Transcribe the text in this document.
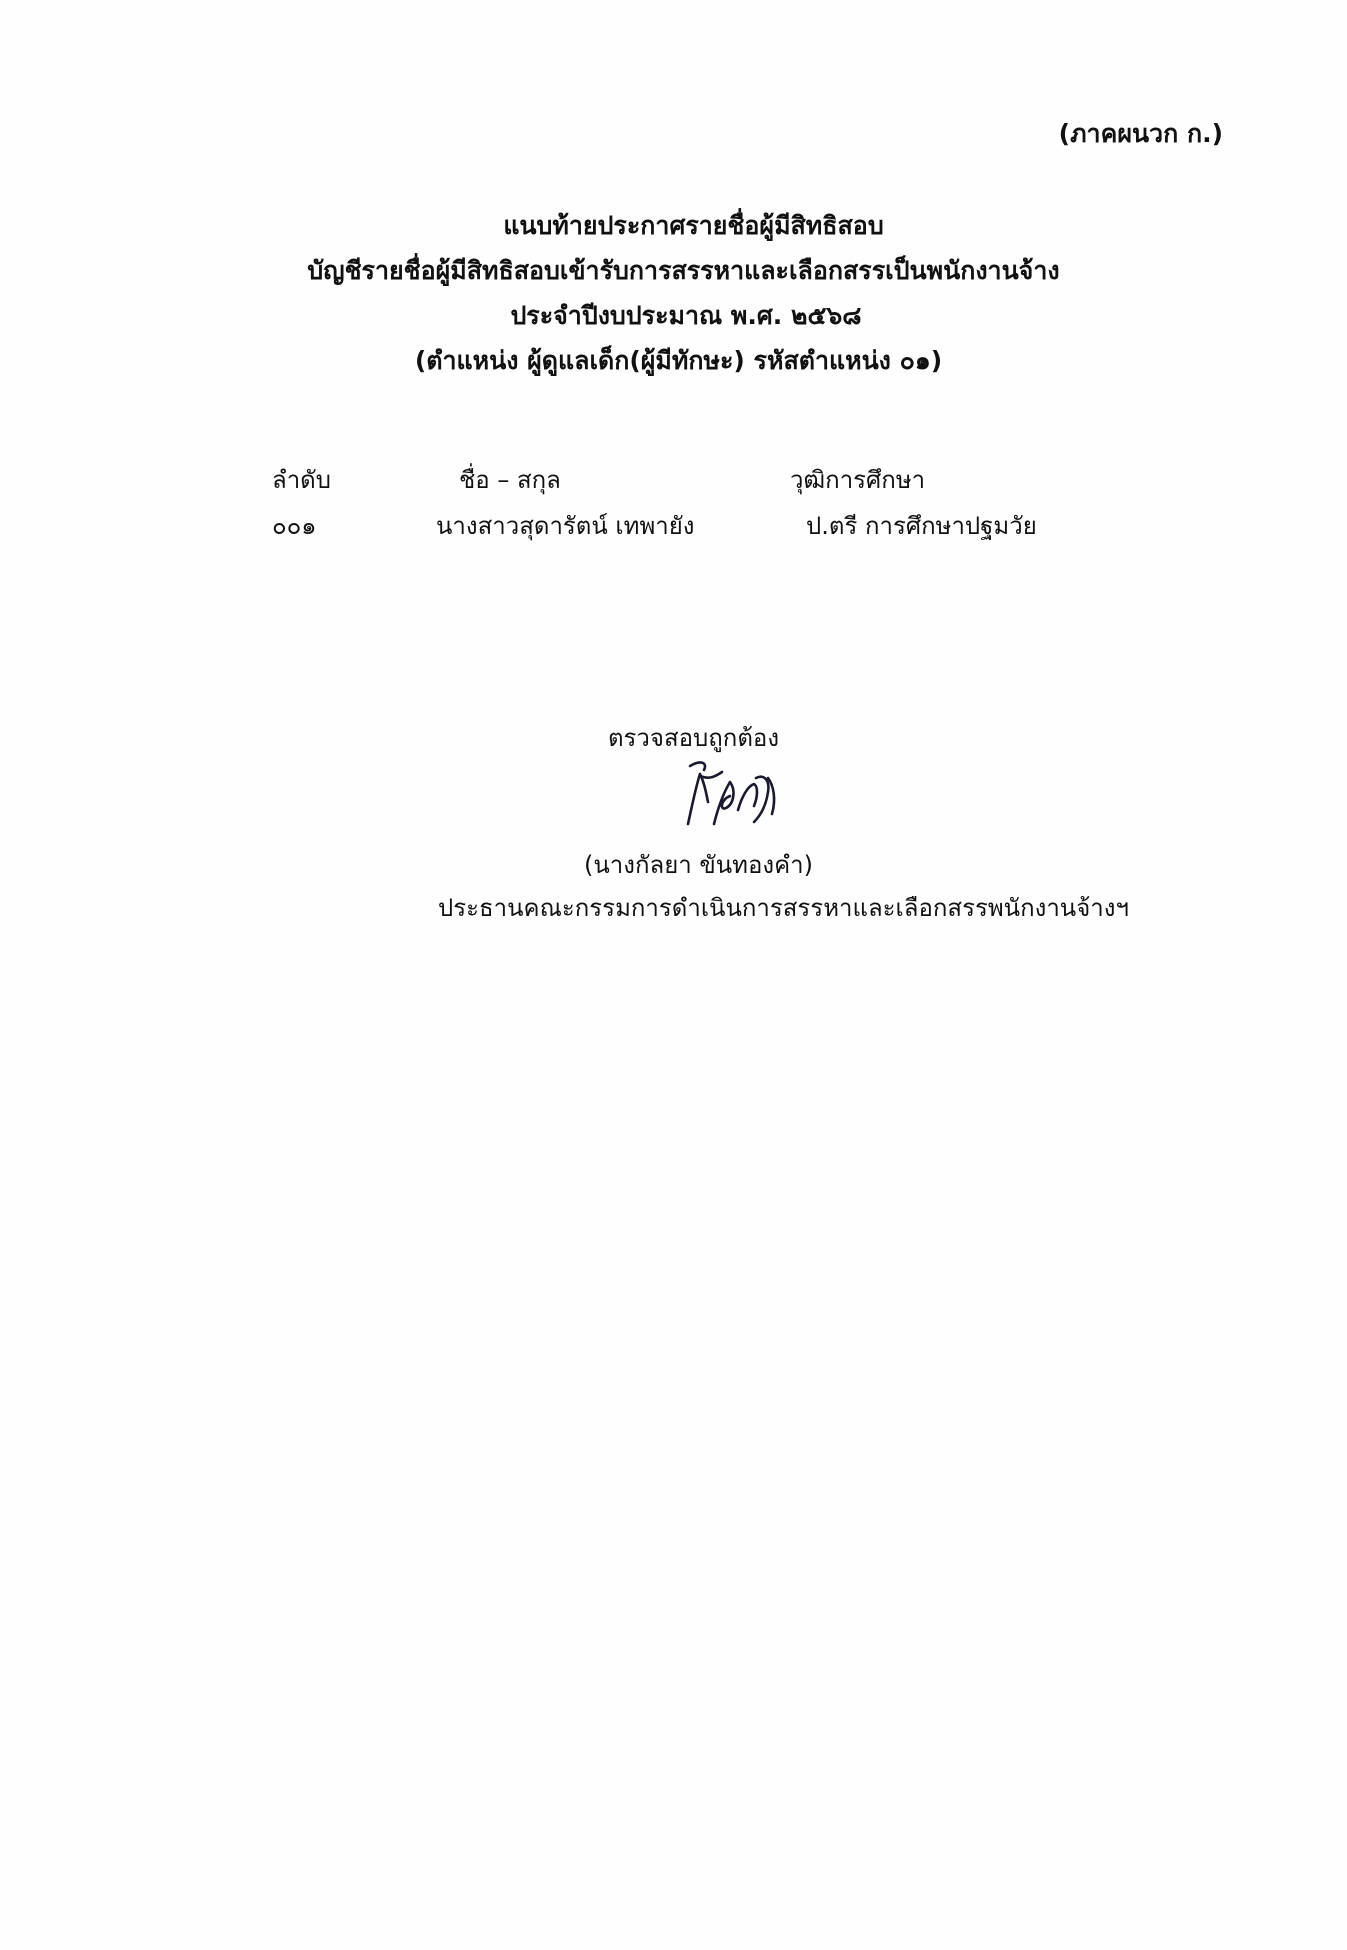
(ภาคผนวก ก.)
แนบท้ายประกาศรายชื่อผู้มีสิทธิสอบ
บัญชีรายชื่อผู้มีสิทธิสอบเข้ารับการสรรหาและเลือกสรรเป็นพนักงานจ้าง
ประจำปีงบประมาณ พ.ศ. ๒๕๖๘
(ตำแหน่ง ผู้ดูแลเด็ก(ผู้มีทักษะ) รหัสตำแหน่ง ๐๑)
ลำดับ	ชื่อ – สกุล	วุฒิการศึกษา
๐๐๑	นางสาวสุดารัตน์ เทพายัง	ป.ตรี การศึกษาปฐมวัย
ตรวจสอบถูกต้อง
(นางกัลยา ขันทองคำ)
ประธานคณะกรรมการดำเนินการสรรหาและเลือกสรรพนักงานจ้างฯ
